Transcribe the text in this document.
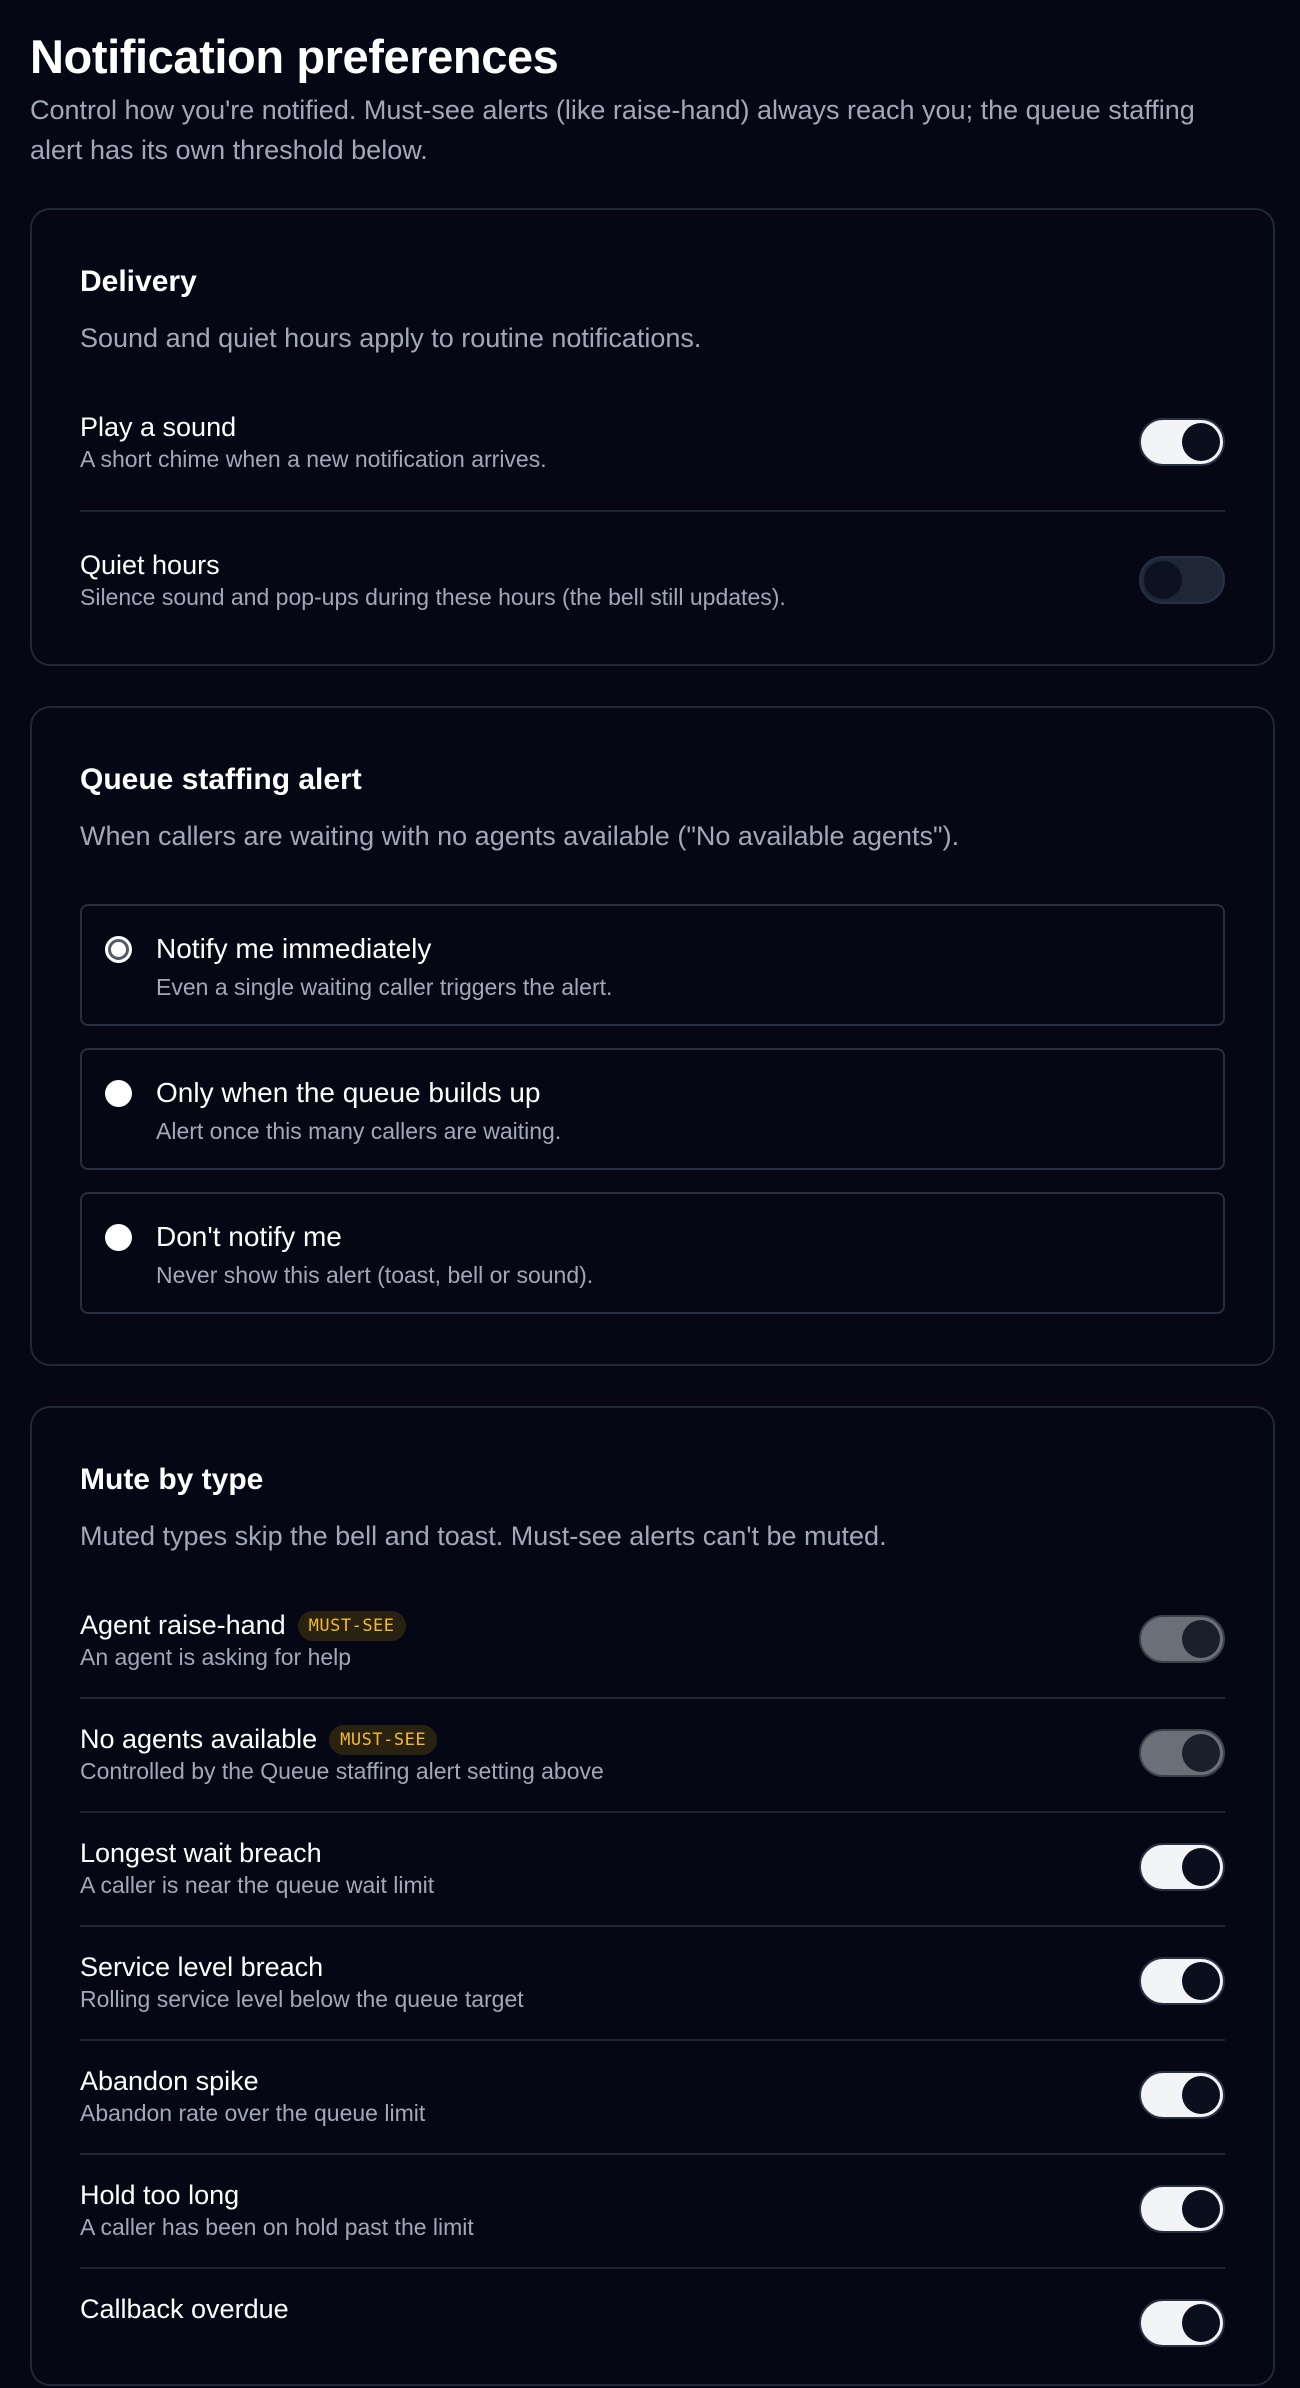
Notification preferences

Control how you're notified. Must-see alerts (like raise-hand) always reach you; the queue staffing alert has its own threshold below.

Delivery
Sound and quiet hours apply to routine notifications.
Play a sound
A short chime when a new notification arrives.
Quiet hours
Silence sound and pop-ups during these hours (the bell still updates).
Queue staffing alert
When callers are waiting with no agents available ("No available agents").
Notify me immediately
Even a single waiting caller triggers the alert.
Only when the queue builds up
Alert once this many callers are waiting.
Don't notify me
Never show this alert (toast, bell or sound).
Mute by type
Muted types skip the bell and toast. Must-see alerts can't be muted.
Agent raise-hand MUST-SEE
An agent is asking for help
No agents available MUST-SEE
Controlled by the Queue staffing alert setting above
Longest wait breach
A caller is near the queue wait limit
Service level breach
Rolling service level below the queue target
Abandon spike
Abandon rate over the queue limit
Hold too long
A caller has been on hold past the limit
Callback overdue
